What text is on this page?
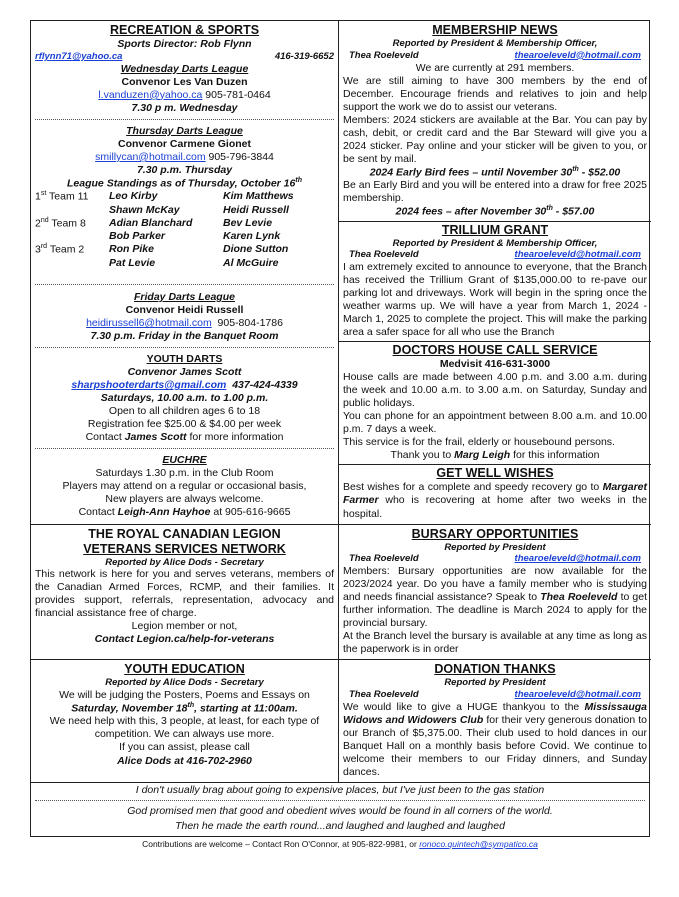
RECREATION & SPORTS
Sports Director: Rob Flynn
rflynn71@yahoo.ca	416-319-6652
Wednesday Darts League
Convenor Les Van Duzen
l.vanduzen@yahoo.ca 905-781-0464
7.30 p m. Wednesday
Thursday Darts League
Convenor Carmene Gionet
smillycan@hotmail.com 905-796-3844
7.30 p.m. Thursday
League Standings as of Thursday, October 16th
1st Team 11	Leo Kirby	Kim Matthews
	Shawn McKay	Heidi Russell
2nd Team 8	Adian Blanchard	Bev Levie
	Bob Parker	Karen Lynk
3rd Team 2	Ron Pike	Dione Sutton
	Pat Levie	Al McGuire
Friday Darts League
Convenor Heidi Russell
heidirussell6@hotmail.com 905-804-1786
7.30 p.m. Friday in the Banquet Room
YOUTH DARTS
Convenor James Scott
sharpshooterdarts@gmail.com 437-424-4339
Saturdays, 10.00 a.m. to 1.00 p.m.
Open to all children ages 6 to 18
Registration fee $25.00 & $4.00 per week
Contact James Scott for more information
EUCHRE
Saturdays 1.30 p.m. in the Club Room
Players may attend on a regular or occasional basis,
New players are always welcome.
Contact Leigh-Ann Hayhoe at 905-616-9665
MEMBERSHIP NEWS
Reported by President & Membership Officer,
Thea Roeleveld	thearoeleveld@hotmail.com
We are currently at 291 members.
We are still aiming to have 300 members by the end of December. Encourage friends and relatives to join and help support the work we do to assist our veterans.
Members: 2024 stickers are available at the Bar. You can pay by cash, debit, or credit card and the Bar Steward will give you a 2024 sticker. Pay online and your sticker will be given to you, or be sent by mail.
2024 Early Bird fees – until November 30th - $52.00
Be an Early Bird and you will be entered into a draw for free 2025 membership.
2024 fees – after November 30th - $57.00
TRILLIUM GRANT
Reported by President & Membership Officer,
Thea Roeleveld	thearoeleveld@hotmail.com
I am extremely excited to announce to everyone, that the Branch has received the Trillium Grant of $135,000.00 to re-pave our parking lot and driveways. Work will begin in the spring once the weather warms up. We will have a year from March 1, 2024 - March 1, 2025 to complete the project. This will make the parking area a safer space for all who use the Branch
DOCTORS HOUSE CALL SERVICE
Medvisit 416-631-3000
House calls are made between 4.00 p.m. and 3.00 a.m. during the week and 10.00 a.m. to 3.00 a.m. on Saturday, Sunday and public holidays.
You can phone for an appointment between 8.00 a.m. and 10.00 p.m. 7 days a week.
This service is for the frail, elderly or housebound persons.
Thank you to Marg Leigh for this information
GET WELL WISHES
Best wishes for a complete and speedy recovery go to Margaret Farmer who is recovering at home after two weeks in the hospital.
THE ROYAL CANADIAN LEGION
VETERANS SERVICES NETWORK
Reported by Alice Dods - Secretary
This network is here for you and serves veterans, members of the Canadian Armed Forces, RCMP, and their families. It provides support, referrals, representation, advocacy and financial assistance free of charge.
Legion member or not,
Contact Legion.ca/help-for-veterans
BURSARY OPPORTUNITIES
Reported by President
Thea Roeleveld	thearoeleveld@hotmail.com
Members: Bursary opportunities are now available for the 2023/2024 year. Do you have a family member who is studying and needs financial assistance? Speak to Thea Roeleveld to get further information. The deadline is March 2024 to apply for the provincial bursary.
At the Branch level the bursary is available at any time as long as the paperwork is in order
YOUTH EDUCATION
Reported by Alice Dods - Secretary
We will be judging the Posters, Poems and Essays on
Saturday, November 18th, starting at 11:00am.
We need help with this, 3 people, at least, for each type of competition. We can always use more.
If you can assist, please call
Alice Dods at 416-702-2960
DONATION THANKS
Reported by President
Thea Roeleveld	thearoeleveld@hotmail.com
We would like to give a HUGE thankyou to the Mississauga Widows and Widowers Club for their very generous donation to our Branch of $5,375.00. Their club used to hold dances in our Banquet Hall on a monthly basis before Covid. We continue to welcome their members to our Friday dinners, and Sunday dances.
I don't usually brag about going to expensive places, but I've just been to the gas station
God promised men that good and obedient wives would be found in all corners of the world.
Then he made the earth round...and laughed and laughed and laughed
Contributions are welcome – Contact Ron O'Connor, at 905-822-9981, or ronoco.quintech@sympatico.ca
